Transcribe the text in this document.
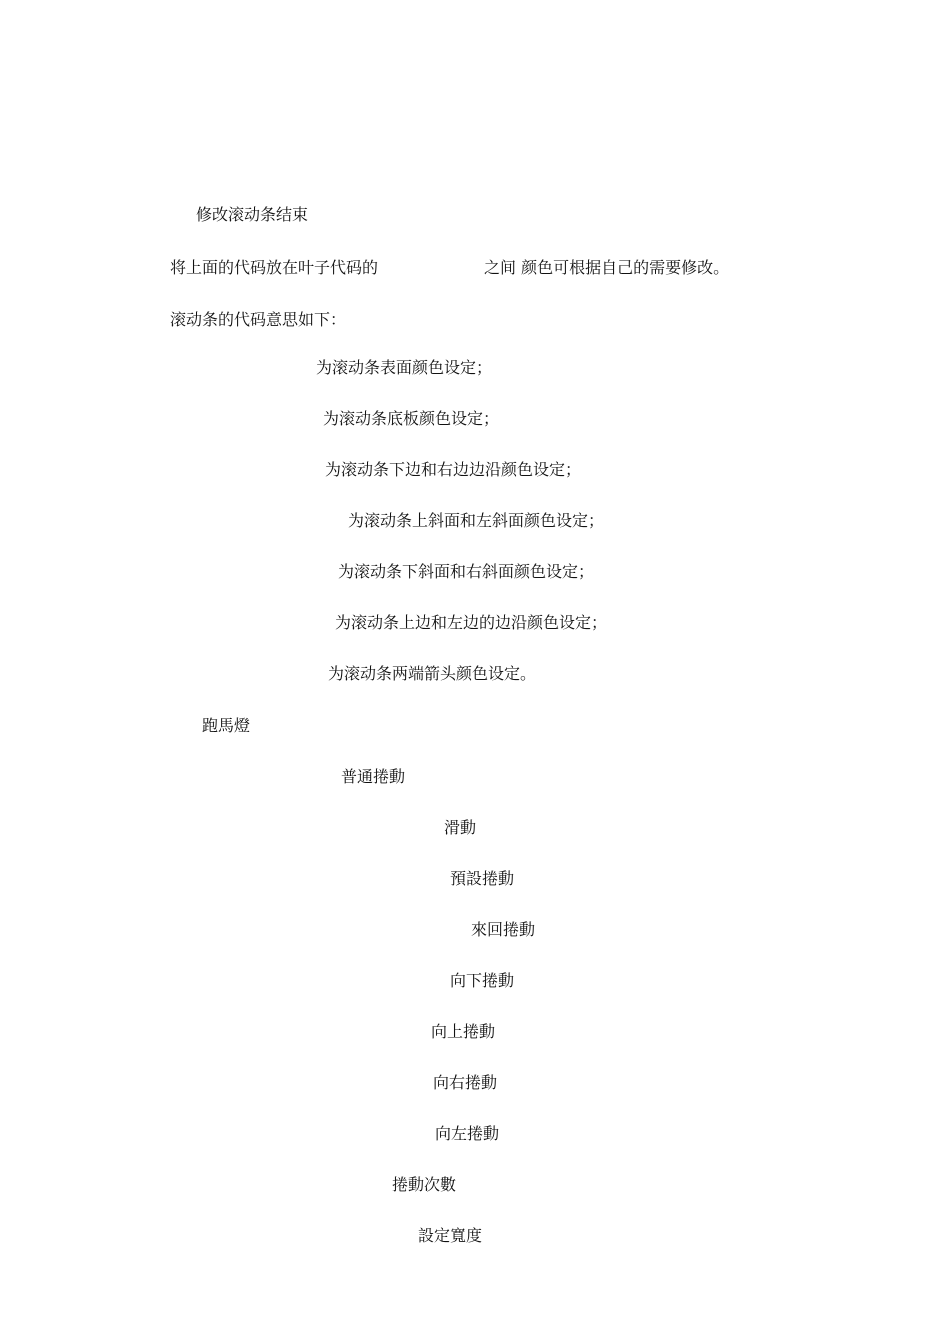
修改滚动条结束
将上面的代码放在叶子代码的	之间 颜色可根据自己的需要修改。
滚动条的代码意思如下：
为滚动条表面颜色设定；
为滚动条底板颜色设定；
为滚动条下边和右边边沿颜色设定；
为滚动条上斜面和左斜面颜色设定；
为滚动条下斜面和右斜面颜色设定；
为滚动条上边和左边的边沿颜色设定；
为滚动条两端箭头颜色设定。
跑馬燈
普通捲動
滑動
預設捲動
來回捲動
向下捲動
向上捲動
向右捲動
向左捲動
捲動次數
設定寬度
